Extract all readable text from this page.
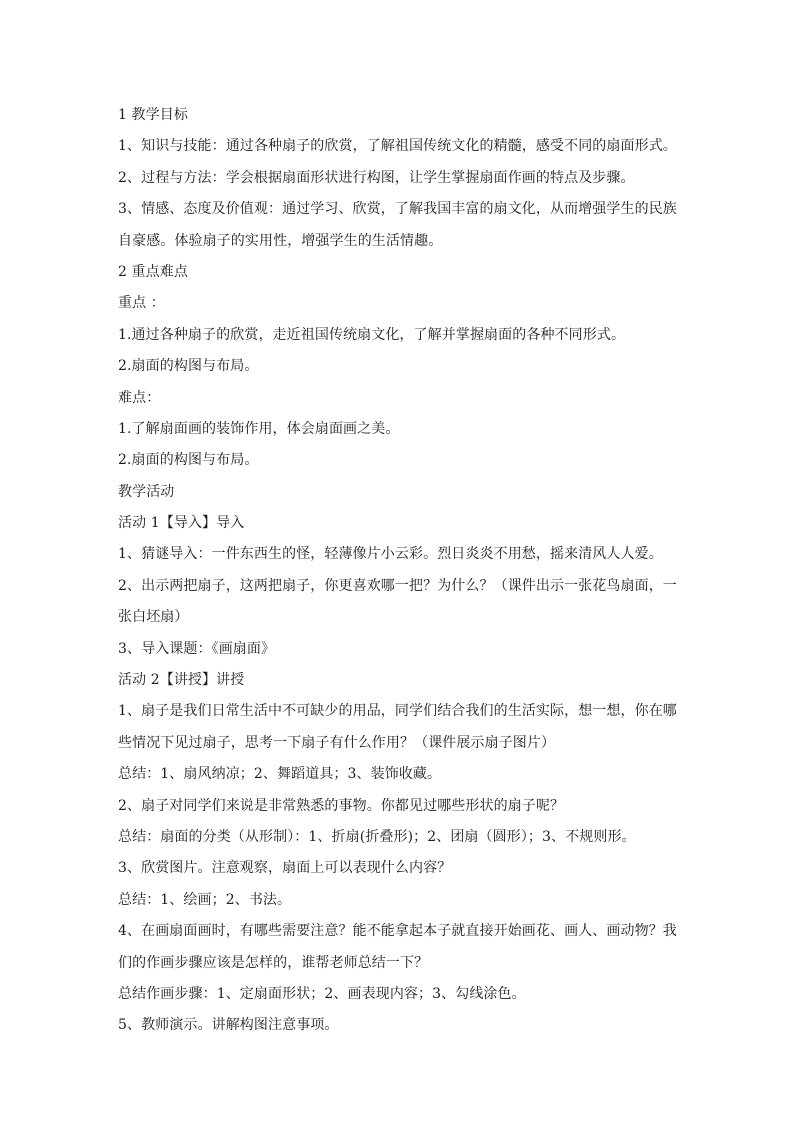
1 教学目标
1、知识与技能：通过各种扇子的欣赏，了解祖国传统文化的精髓，感受不同的扇面形式。
2、过程与方法：学会根据扇面形状进行构图，让学生掌握扇面作画的特点及步骤。
3、情感、态度及价值观：通过学习、欣赏，了解我国丰富的扇文化，从而增强学生的民族
自豪感。体验扇子的实用性，增强学生的生活情趣。
2 重点难点
重点 ：
1.通过各种扇子的欣赏，走近祖国传统扇文化，了解并掌握扇面的各种不同形式。
2.扇面的构图与布局。
难点：
1.了解扇面画的装饰作用，体会扇面画之美。
2.扇面的构图与布局。
教学活动
活动 1【导入】导入
1、猜谜导入：一件东西生的怪，轻薄像片小云彩。烈日炎炎不用愁，摇来清风人人爱。
2、出示两把扇子，这两把扇子，你更喜欢哪一把？为什么？（课件出示一张花鸟扇面，一
张白坯扇）
3、导入课题：《画扇面》
活动 2【讲授】讲授
1、扇子是我们日常生活中不可缺少的用品，同学们结合我们的生活实际，想一想，你在哪
些情况下见过扇子，思考一下扇子有什么作用？（课件展示扇子图片）
总结：1、扇风纳凉；2、舞蹈道具；3、装饰收藏。
2、扇子对同学们来说是非常熟悉的事物。你都见过哪些形状的扇子呢？
总结：扇面的分类（从形制）：1、折扇(折叠形)；2、团扇（圆形）；3、不规则形。
3、欣赏图片。注意观察，扇面上可以表现什么内容？
总结：1、绘画；2、书法。
4、在画扇面画时，有哪些需要注意？能不能拿起本子就直接开始画花、画人、画动物？我
们的作画步骤应该是怎样的，谁帮老师总结一下？
总结作画步骤：1、定扇面形状；2、画表现内容；3、勾线涂色。
5、教师演示。讲解构图注意事项。
